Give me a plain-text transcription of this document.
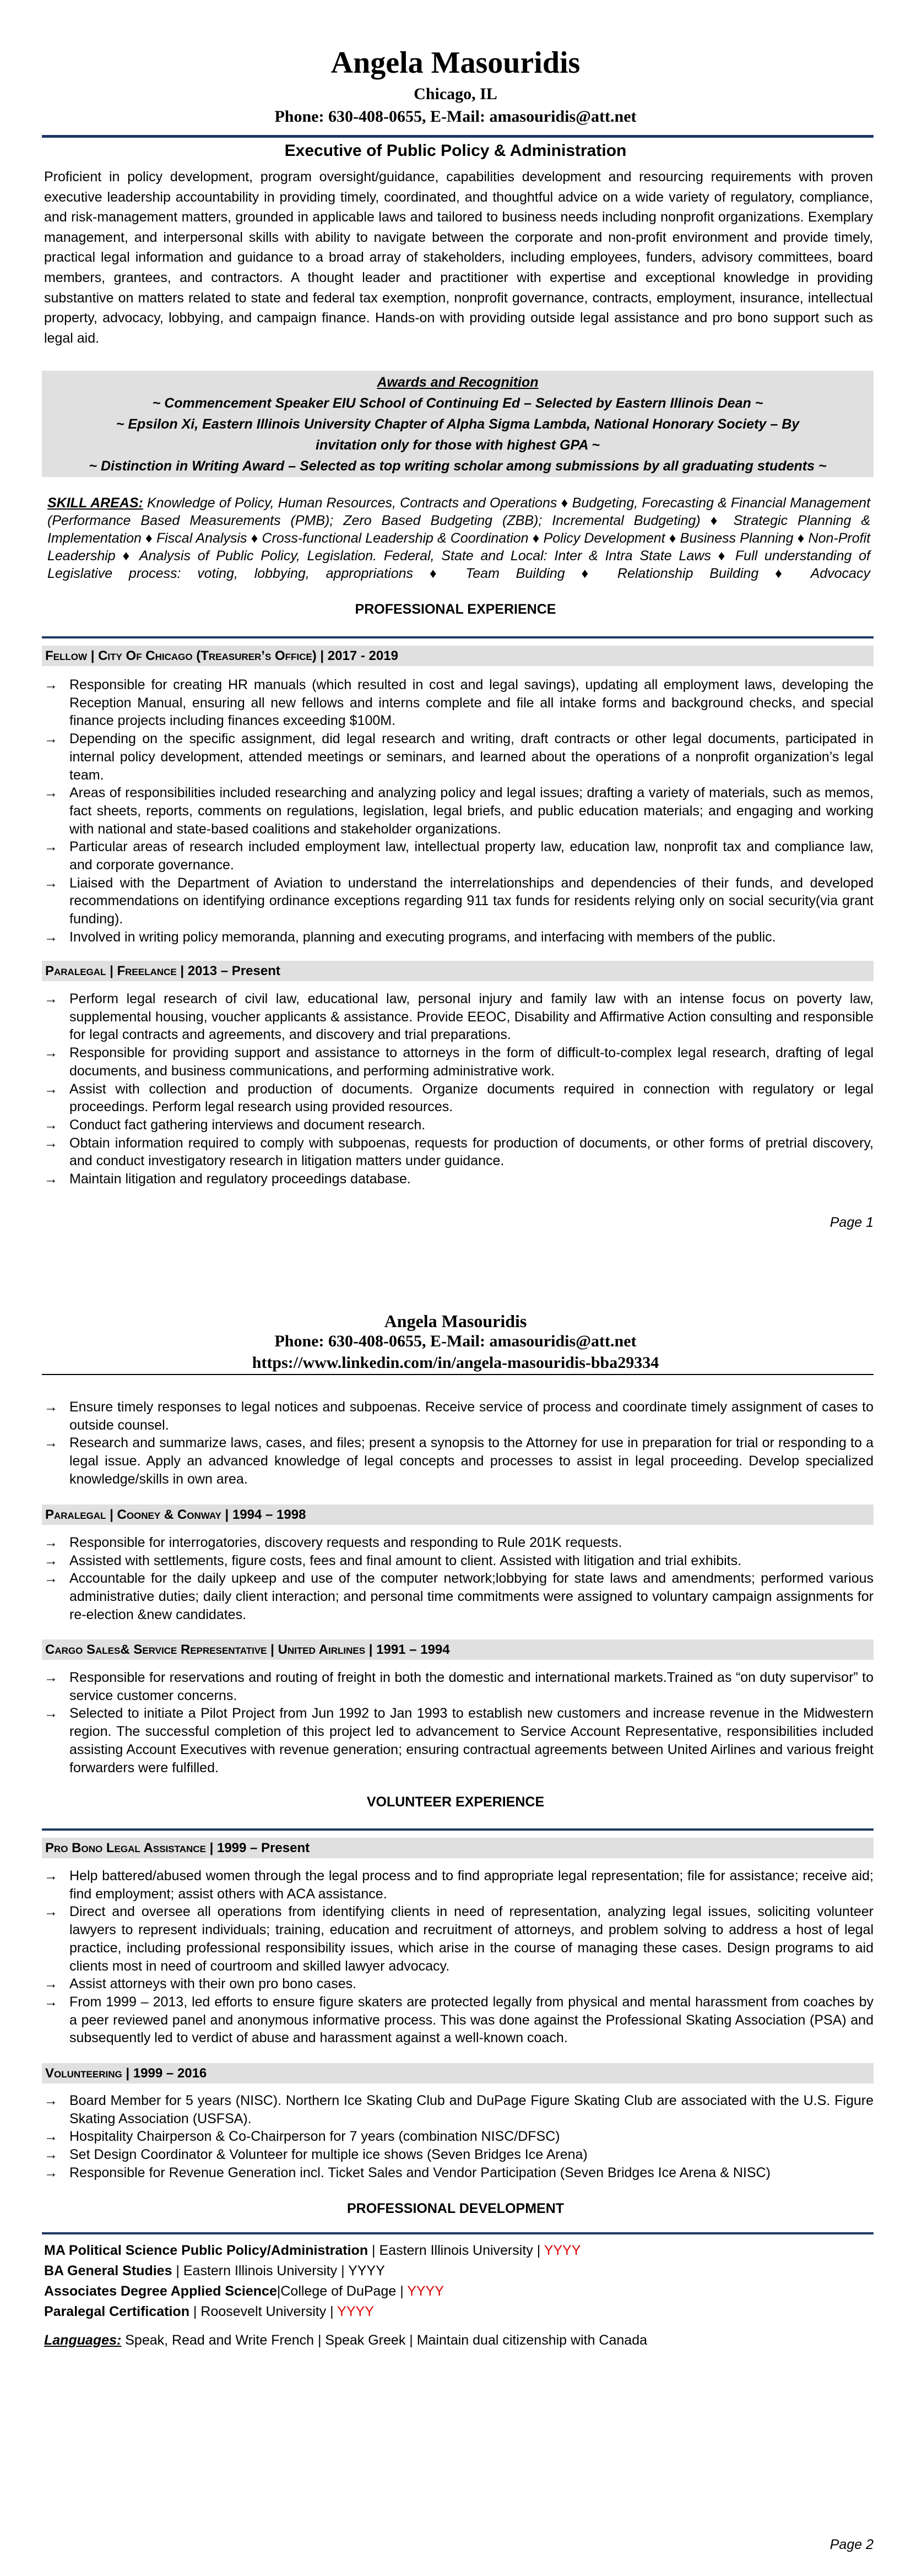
Angela Masouridis
Chicago, IL
Phone: 630-408-0655, E-Mail: amasouridis@att.net
Executive of Public Policy & Administration
Proficient in policy development, program oversight/guidance, capabilities development and resourcing requirements with proven executive leadership accountability in providing timely, coordinated, and thoughtful advice on a wide variety of regulatory, compliance, and risk-management matters, grounded in applicable laws and tailored to business needs including nonprofit organizations. Exemplary management, and interpersonal skills with ability to navigate between the corporate and non-profit environment and provide timely, practical legal information and guidance to a broad array of stakeholders, including employees, funders, advisory committees, board members, grantees, and contractors. A thought leader and practitioner with expertise and exceptional knowledge in providing substantive on matters related to state and federal tax exemption, nonprofit governance, contracts, employment, insurance, intellectual property, advocacy, lobbying, and campaign finance. Hands-on with providing outside legal assistance and pro bono support such as legal aid.
Awards and Recognition
~ Commencement Speaker EIU School of Continuing Ed – Selected by Eastern Illinois Dean ~
~ Epsilon Xi, Eastern Illinois University Chapter of Alpha Sigma Lambda, National Honorary Society – By invitation only for those with highest GPA ~
~ Distinction in Writing Award – Selected as top writing scholar among submissions by all graduating students ~
SKILL AREAS: Knowledge of Policy, Human Resources, Contracts and Operations ♦ Budgeting, Forecasting & Financial Management (Performance Based Measurements (PMB); Zero Based Budgeting (ZBB); Incremental Budgeting) ♦ Strategic Planning & Implementation ♦ Fiscal Analysis ♦ Cross-functional Leadership & Coordination ♦ Policy Development ♦ Business Planning ♦ Non-Profit Leadership ♦ Analysis of Public Policy, Legislation. Federal, State and Local: Inter & Intra State Laws ♦ Full understanding of Legislative process: voting, lobbying, appropriations ♦ Team Building ♦ Relationship Building ♦ Advocacy
PROFESSIONAL EXPERIENCE
Fellow | City Of Chicago (Treasurer’s Office) | 2017 - 2019
→ Responsible for creating HR manuals (which resulted in cost and legal savings), updating all employment laws, developing the Reception Manual, ensuring all new fellows and interns complete and file all intake forms and background checks, and special finance projects including finances exceeding $100M.
→ Depending on the specific assignment, did legal research and writing, draft contracts or other legal documents, participated in internal policy development, attended meetings or seminars, and learned about the operations of a nonprofit organization’s legal team.
→ Areas of responsibilities included researching and analyzing policy and legal issues; drafting a variety of materials, such as memos, fact sheets, reports, comments on regulations, legislation, legal briefs, and public education materials; and engaging and working with national and state-based coalitions and stakeholder organizations.
→ Particular areas of research included employment law, intellectual property law, education law, nonprofit tax and compliance law, and corporate governance.
→ Liaised with the Department of Aviation to understand the interrelationships and dependencies of their funds, and developed recommendations on identifying ordinance exceptions regarding 911 tax funds for residents relying only on social security(via grant funding).
→ Involved in writing policy memoranda, planning and executing programs, and interfacing with members of the public.
Paralegal | Freelance | 2013 – Present
→ Perform legal research of civil law, educational law, personal injury and family law with an intense focus on poverty law, supplemental housing, voucher applicants & assistance. Provide EEOC, Disability and Affirmative Action consulting and responsible for legal contracts and agreements, and discovery and trial preparations.
→ Responsible for providing support and assistance to attorneys in the form of difficult-to-complex legal research, drafting of legal documents, and business communications, and performing administrative work.
→ Assist with collection and production of documents. Organize documents required in connection with regulatory or legal proceedings. Perform legal research using provided resources.
→ Conduct fact gathering interviews and document research.
→ Obtain information required to comply with subpoenas, requests for production of documents, or other forms of pretrial discovery, and conduct investigatory research in litigation matters under guidance.
→ Maintain litigation and regulatory proceedings database.
Page 1
Angela Masouridis
Phone: 630-408-0655, E-Mail: amasouridis@att.net
https://www.linkedin.com/in/angela-masouridis-bba29334
→ Ensure timely responses to legal notices and subpoenas. Receive service of process and coordinate timely assignment of cases to outside counsel.
→ Research and summarize laws, cases, and files; present a synopsis to the Attorney for use in preparation for trial or responding to a legal issue. Apply an advanced knowledge of legal concepts and processes to assist in legal proceeding. Develop specialized knowledge/skills in own area.
Paralegal | Cooney & Conway | 1994 – 1998
→ Responsible for interrogatories, discovery requests and responding to Rule 201K requests.
→ Assisted with settlements, figure costs, fees and final amount to client. Assisted with litigation and trial exhibits.
→ Accountable for the daily upkeep and use of the computer network;lobbying for state laws and amendments; performed various administrative duties; daily client interaction; and personal time commitments were assigned to voluntary campaign assignments for re-election &new candidates.
Cargo Sales& Service Representative | United Airlines | 1991 – 1994
→ Responsible for reservations and routing of freight in both the domestic and international markets.Trained as “on duty supervisor” to service customer concerns.
→ Selected to initiate a Pilot Project from Jun 1992 to Jan 1993 to establish new customers and increase revenue in the Midwestern region. The successful completion of this project led to advancement to Service Account Representative, responsibilities included assisting Account Executives with revenue generation; ensuring contractual agreements between United Airlines and various freight forwarders were fulfilled.
VOLUNTEER EXPERIENCE
Pro Bono Legal Assistance | 1999 – Present
→ Help battered/abused women through the legal process and to find appropriate legal representation; file for assistance; receive aid; find employment; assist others with ACA assistance.
→ Direct and oversee all operations from identifying clients in need of representation, analyzing legal issues, soliciting volunteer lawyers to represent individuals; training, education and recruitment of attorneys, and problem solving to address a host of legal practice, including professional responsibility issues, which arise in the course of managing these cases. Design programs to aid clients most in need of courtroom and skilled lawyer advocacy.
→ Assist attorneys with their own pro bono cases.
→ From 1999 – 2013, led efforts to ensure figure skaters are protected legally from physical and mental harassment from coaches by a peer reviewed panel and anonymous informative process. This was done against the Professional Skating Association (PSA) and subsequently led to verdict of abuse and harassment against a well-known coach.
Volunteering | 1999 – 2016
→ Board Member for 5 years (NISC). Northern Ice Skating Club and DuPage Figure Skating Club are associated with the U.S. Figure Skating Association (USFSA).
→ Hospitality Chairperson & Co-Chairperson for 7 years (combination NISC/DFSC)
→ Set Design Coordinator & Volunteer for multiple ice shows (Seven Bridges Ice Arena)
→ Responsible for Revenue Generation incl. Ticket Sales and Vendor Participation (Seven Bridges Ice Arena & NISC)
PROFESSIONAL DEVELOPMENT
MA Political Science Public Policy/Administration | Eastern Illinois University | YYYY
BA General Studies | Eastern Illinois University | YYYY
Associates Degree Applied Science|College of DuPage | YYYY
Paralegal Certification | Roosevelt University | YYYY
Languages: Speak, Read and Write French | Speak Greek | Maintain dual citizenship with Canada
Page 2
